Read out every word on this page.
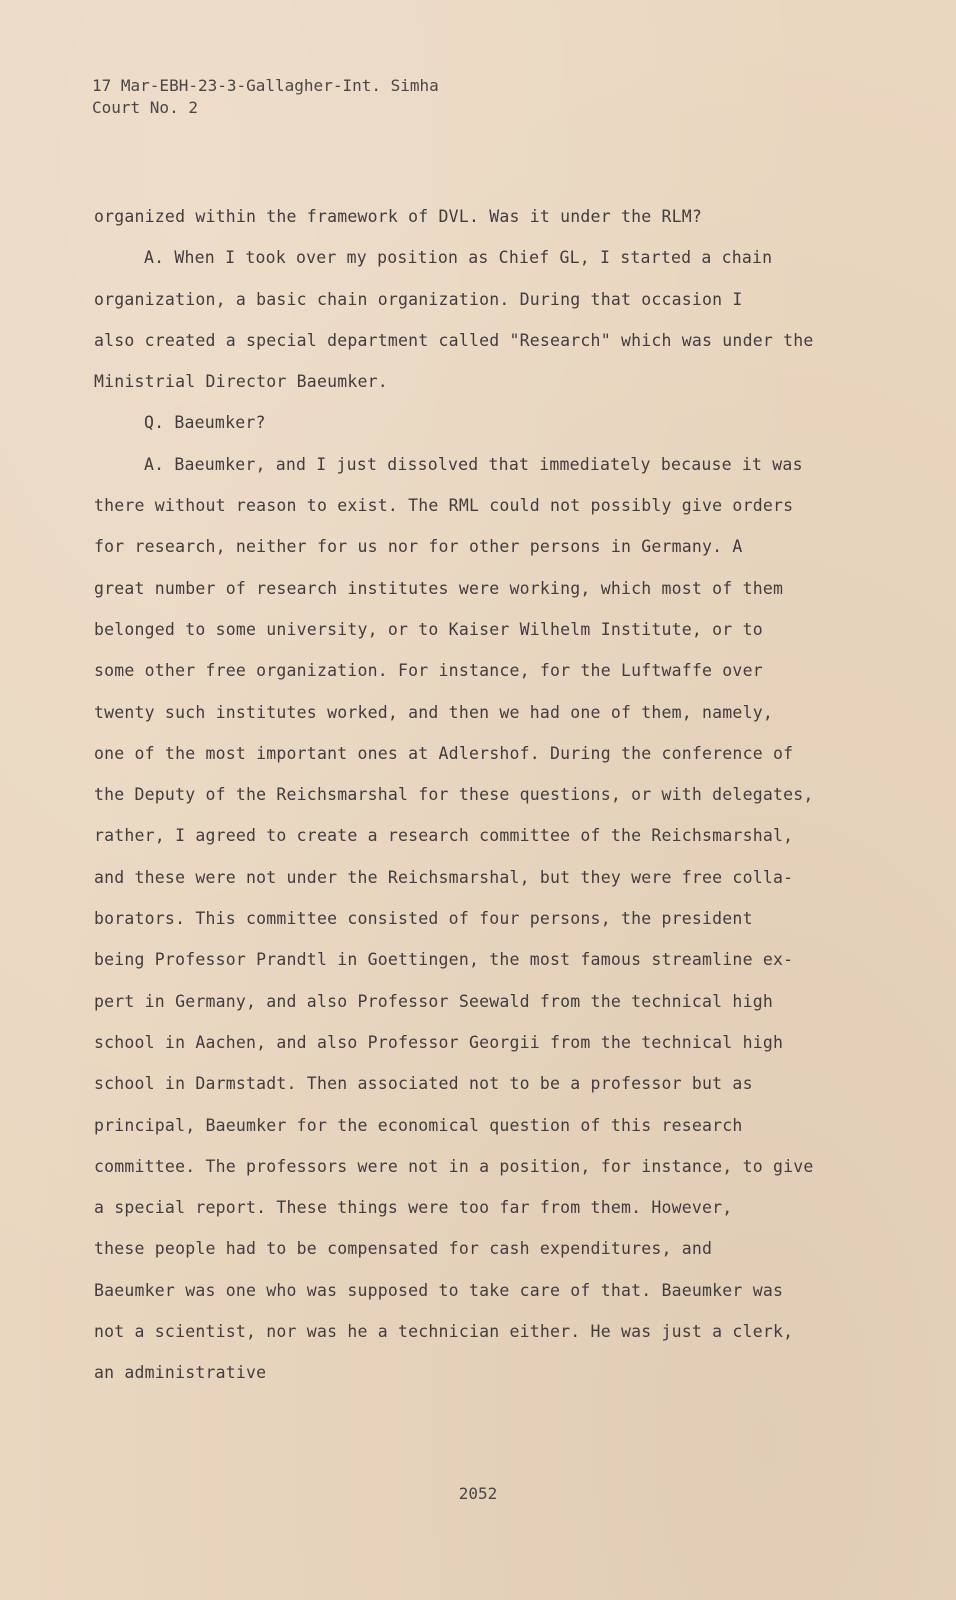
17 Mar-EBH-23-3-Gallagher-Int. Simha
Court No. 2
organized within the framework of DVL. Was it under the RLM?
A. When I took over my position as Chief GL, I started a chain
organization, a basic chain organization. During that occasion I
also created a special department called "Research" which was under the
Ministrial Director Baeumker.
Q. Baeumker?
A. Baeumker, and I just dissolved that immediately because it was
there without reason to exist. The RML could not possibly give orders
for research, neither for us nor for other persons in Germany. A
great number of research institutes were working, which most of them
belonged to some university, or to Kaiser Wilhelm Institute, or to
some other free organization. For instance, for the Luftwaffe over
twenty such institutes worked, and then we had one of them, namely,
one of the most important ones at Adlershof. During the conference of
the Deputy of the Reichsmarshal for these questions, or with delegates,
rather, I agreed to create a research committee of the Reichsmarshal,
and these were not under the Reichsmarshal, but they were free colla-
borators. This committee consisted of four persons, the president
being Professor Prandtl in Goettingen, the most famous streamline ex-
pert in Germany, and also Professor Seewald from the technical high
school in Aachen, and also Professor Georgii from the technical high
school in Darmstadt. Then associated not to be a professor but as
principal, Baeumker for the economical question of this research
committee. The professors were not in a position, for instance, to give
a special report. These things were too far from them. However,
these people had to be compensated for cash expenditures, and
Baeumker was one who was supposed to take care of that. Baeumker was
not a scientist, nor was he a technician either. He was just a clerk,
an administrative
2052
